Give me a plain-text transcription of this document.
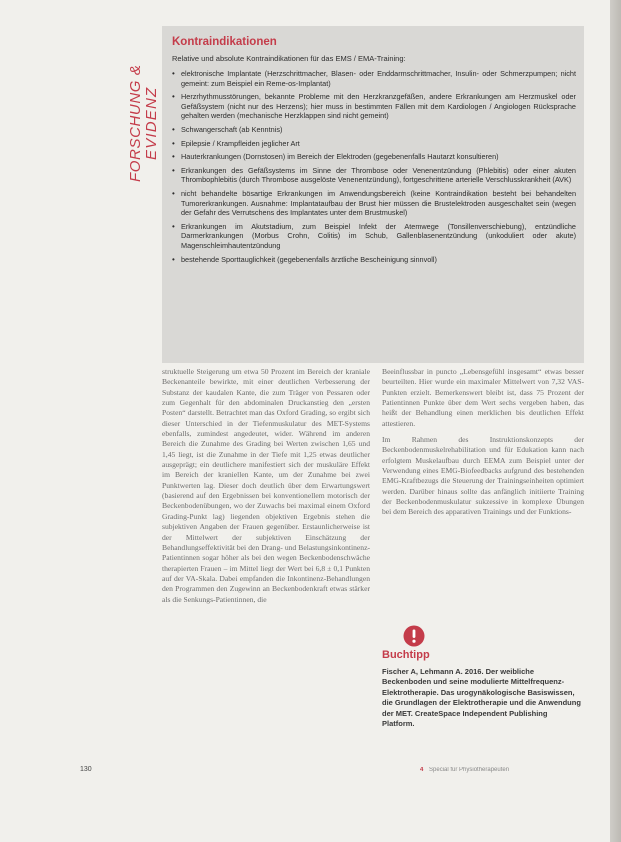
FORSCHUNG & EVIDENZ

Kontraindikationen

Relative und absolute Kontraindikationen für das EMS / EMA-Training:

• elektronische Implantate (Herzschrittmacher, Blasen- oder Enddarmschrittmacher, Insulin- oder Schmerzpumpen; nicht gemeint: zum Beispiel ein Reme-os-Implantat)
• Herzrhythmusstörungen, bekannte Probleme mit den Herzkranzgefäßen, andere Erkrankungen am Herzmuskel oder Gefäßsystem (nicht nur des Herzens); hier muss in bestimmten Fällen mit dem Kardiologen / Angiologen Rücksprache gehalten werden (mechanische Herzklappen sind nicht gemeint)
• Schwangerschaft (ab Kenntnis)
• Epilepsie / Krampfleiden jeglicher Art
• Hauterkrankungen (Dornstosen) im Bereich der Elektroden (gegebenenfalls Hautarzt konsultieren)
• Erkrankungen des Gefäßsystems im Sinne der Thrombose oder Venenentzündung (Phlebitis) oder einer akuten Thrombophlebitis (durch Thrombose ausgelöste Venenentzündung), fortgeschrittene arterielle Verschlusskrankheit (AVK)
• nicht behandelte bösartige Erkrankungen im Anwendungsbereich (keine Kontraindikation besteht bei behandelten Tumorerkrankungen. Ausnahme: Implantataufbau der Brust hier müssen die Brustelektroden ausgeschaltet sein (wegen der Gefahr des Verrutschens des Implantates unter dem Brustmuskel)
• Erkrankungen im Akutstadium, zum Beispiel Infekt der Atemwege (Tonsillenverschiebung), entzündliche Darmerkrankungen (Morbus Crohn, Colitis) im Schub, Gallenblasenentzündung (unkoduliert oder akute) Magenschleimhautentzündung
• bestehende Sporttauglichkeit (gegebenenfalls ärztliche Bescheinigung sinnvoll)

struktuelle Steigerung um etwa 50 Prozent im Bereich der kraniale Beckenanteile bewirkte, mit einer deutlichen Verbesserung der Substanz der kaudalen Kante, die zum Träger von Pessaren oder zum Gegenhalt für den abdominalen Druckanstieg den „ersten Posten“ darstellt. Betrachtet man das Oxford Grading, so ergibt sich dieser Unterschied in der Tiefenmuskulatur des MET-Systems ebenfalls, zumindest angedeutet, wider. Während im anderen Bereich die Zunahme des Grading bei Werten zwischen 1,65 und 1,45 liegt, ist die Zunahme in der Tiefe mit 1,25 etwas deutlicher ausgeprägt; ein deutlichere manifestiert sich der muskuläre Effekt im Bereich der kraniellen Kante, um der Zunahme bei zwei Punktwerten lag. Dieser doch deutlich über dem Erwartungswert (basierend auf den Ergebnissen bei konventionellem motorisch der Beckenbodenübungen, wo der Zuwachs bei maximal einem Oxford Grading-Punkt lag) liegenden objektiven Ergebnis stehen die subjektiven Angaben der Frauen gegenüber. Erstaunlicherweise ist der Mittelwert der subjektiven Einschätzung der Behandlungseffektivität bei den Drang- und Belastungsinkontinenz-Patientinnen sogar höher als bei den wegen Beckenbodenschwäche therapierten Frauen – im Mittel liegt der Wert bei 6,8 ± 0,1 Punkten auf der VA-Skala. Dabei empfanden die Inkontinenz-Behandlungen den Programmen den Zugewinn an Beckenbodenkraft etwas stärker als die Senkungs-Patientinnen, die

Beeinflussbar in puncto „Lebensgefühl insgesamt“ etwas besser beurteilten. Hier wurde ein maximaler Mittelwert von 7,32 VAS-Punkten erzielt. Bemerkenswert bleibt ist, dass 75 Prozent der Patientinnen Punkte über dem Wert sechs vergeben haben, das heißt der Behandlung einen merklichen bis deutlichen Effekt attestieren.

Im Rahmen des Instruktionskonzepts der Beckenbodenmuskelrehabilitation und für Edukation kann nach erfolgtem Muskelaufbau durch EEMA zum Beispiel unter der Verwendung eines EMG-Biofeedbacks aufgrund des bestehenden EMG-Kraftbezugs die Steuerung der Trainingseinheiten optimiert werden. Darüber hinaus sollte das anfänglich initiierte Training der Beckenbodenmuskulatur sukzessive in komplexe Übungen bei dem Bereich des apparativen Trainings und der Funktions-

Buchtipp

Fischer A, Lehmann A. 2016. Der weibliche Beckenboden und seine modulierte Mittelfrequenz-Elektrotherapie. Das urogynäkologische Basiswissen, die Grundlagen der Elektrotherapie und die Anwendung der MET. CreateSpace Independent Publishing Platform.

130	4 Special für Physiotherapeuten
